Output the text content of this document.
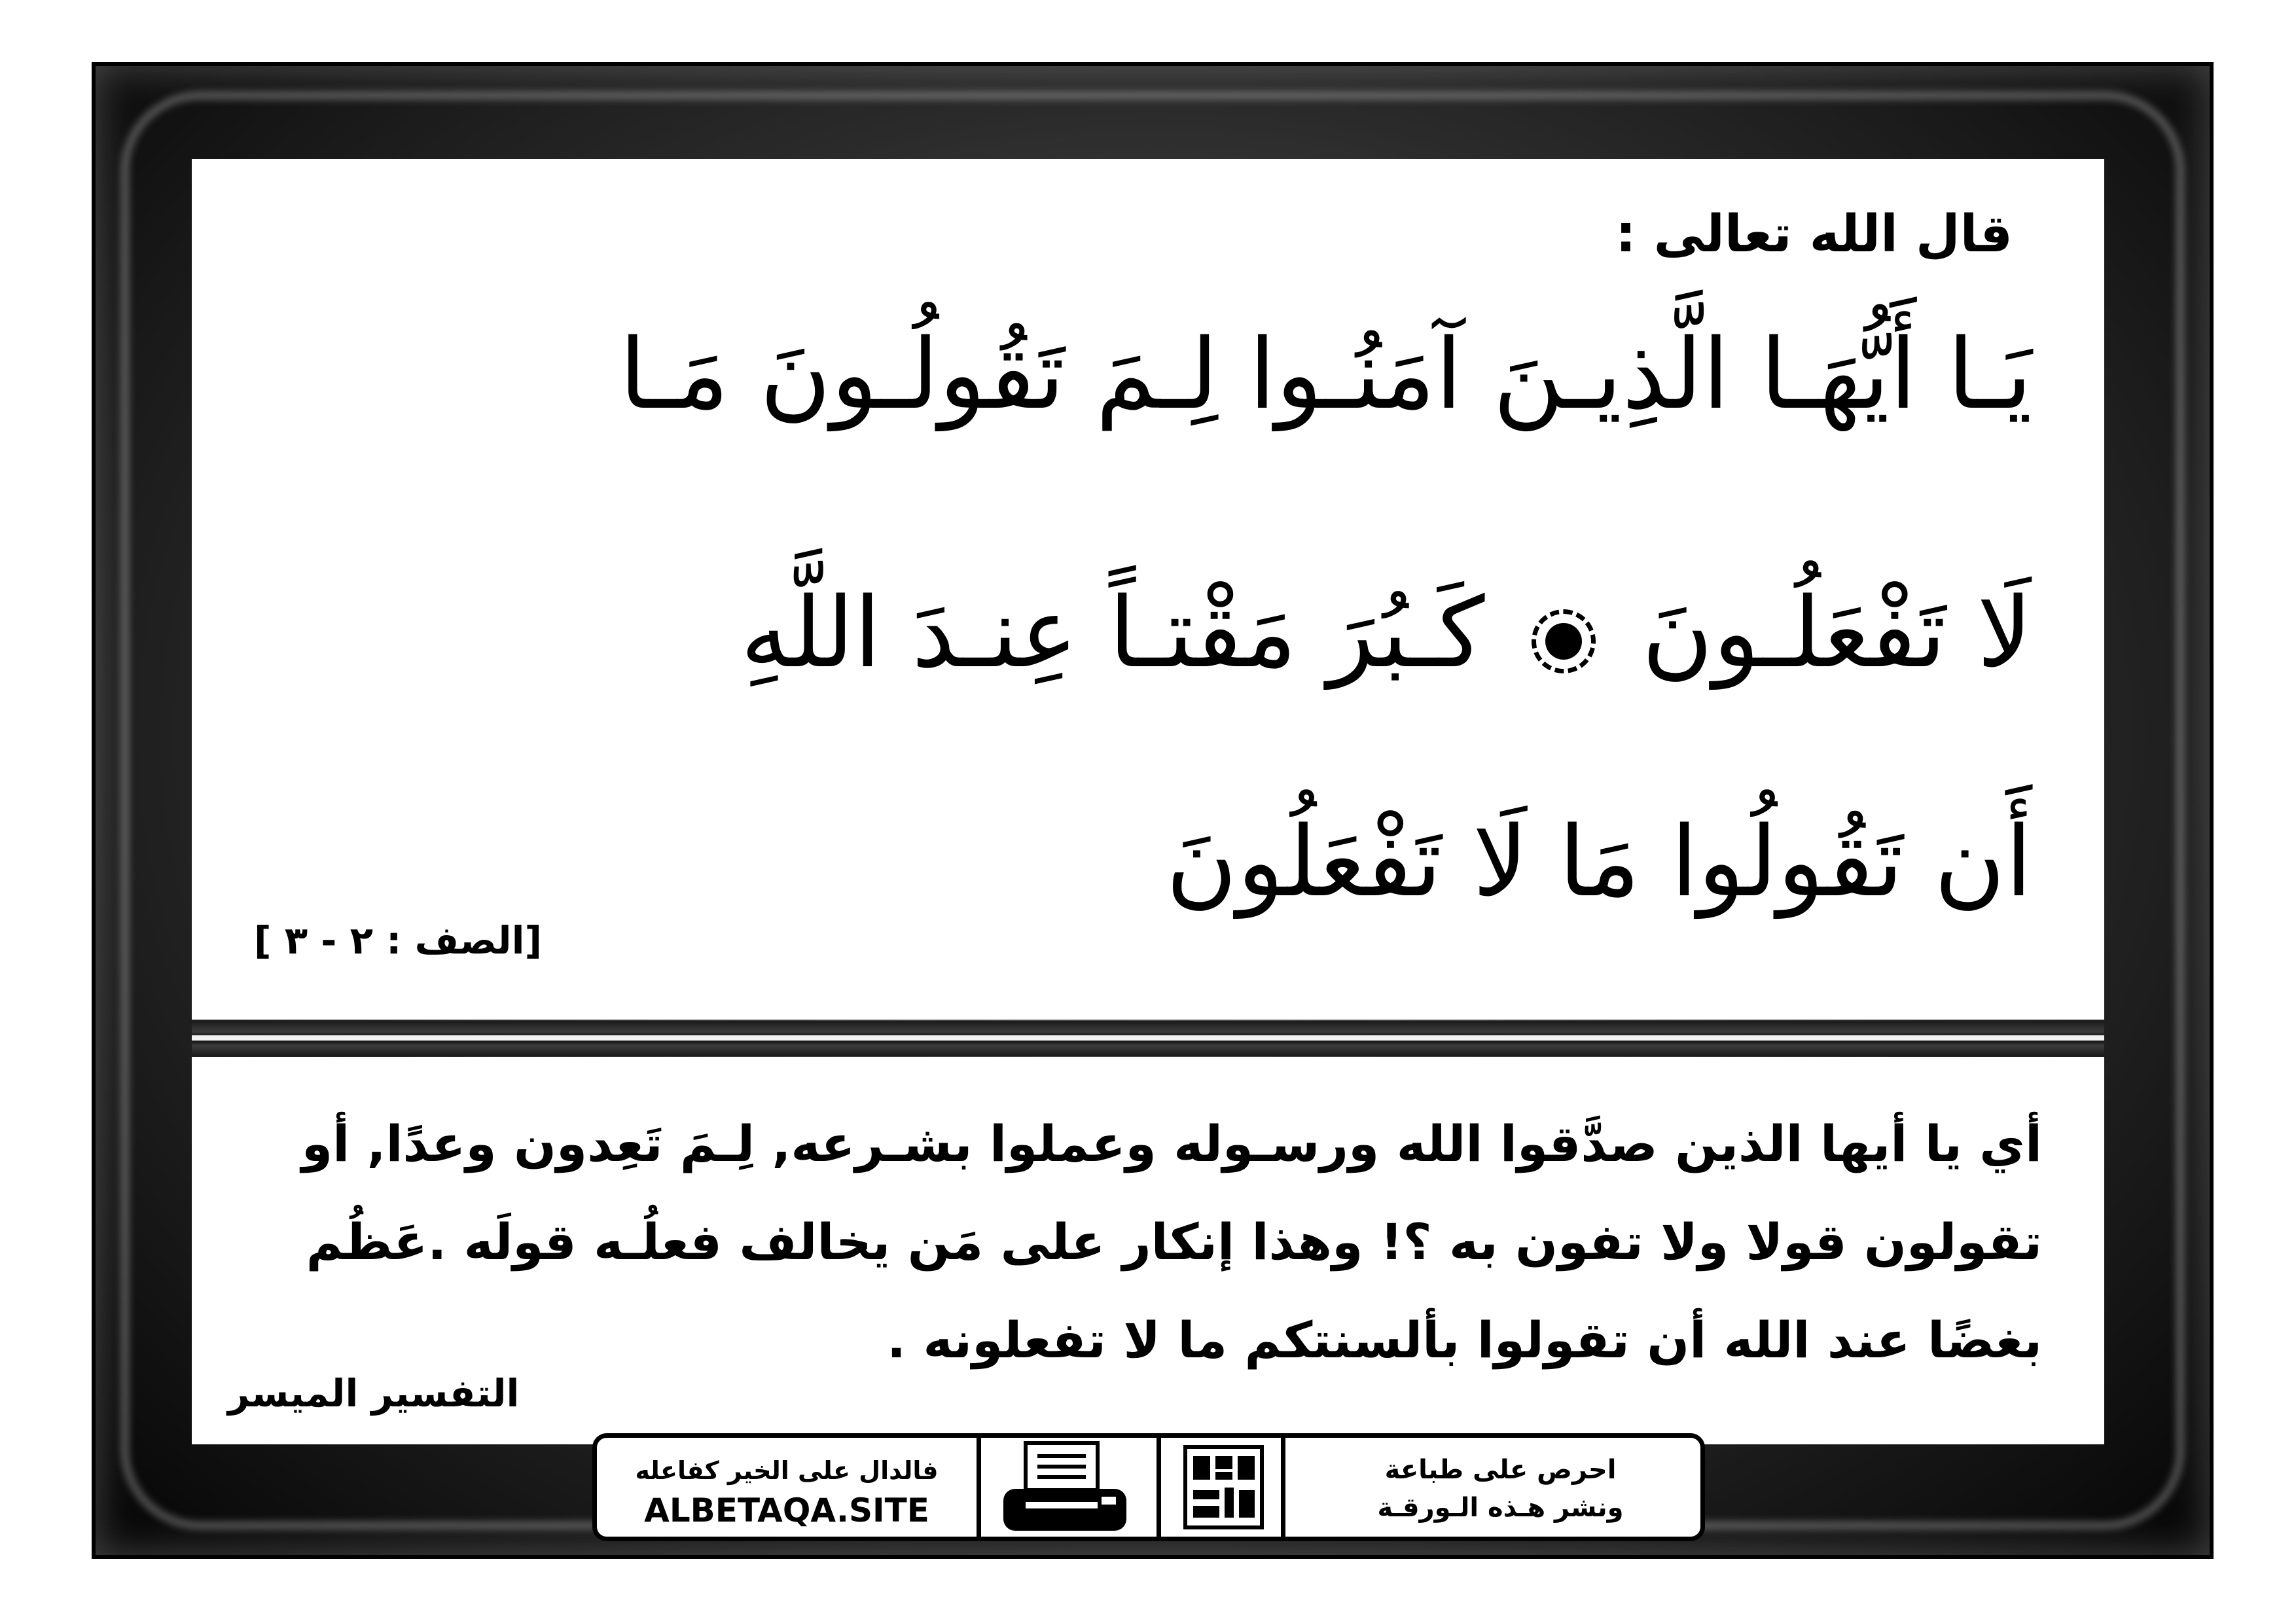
قال الله تعالى :
يَـا أَيُّهَـا الَّذِيـنَ آمَنُـوا لِـمَ تَقُولُـونَ مَـا
لَا تَفْعَلُـونَ  كَـبُرَ مَقْتـاً عِنـدَ اللَّهِ
أَن تَقُولُوا مَا لَا تَفْعَلُونَ
[الصف : ٢ - ٣ ]
أي يا أيها الذين صدَّقوا الله ورسـوله وعملوا بشـرعه, لِـمَ تَعِدون وعدًا, أو
تقولون قولا ولا تفون به ؟! وهذا إنكار على مَن يخالف فعلُـه قولَه .عَظُم
بغضًا عند الله أن تقولوا بألسنتكم ما لا تفعلونه .
التفسير الميسر
فالدال على الخير كفاعله
ALBETAQA.SITE
احرص على طباعة
ونشر هـذه الـورقـة
